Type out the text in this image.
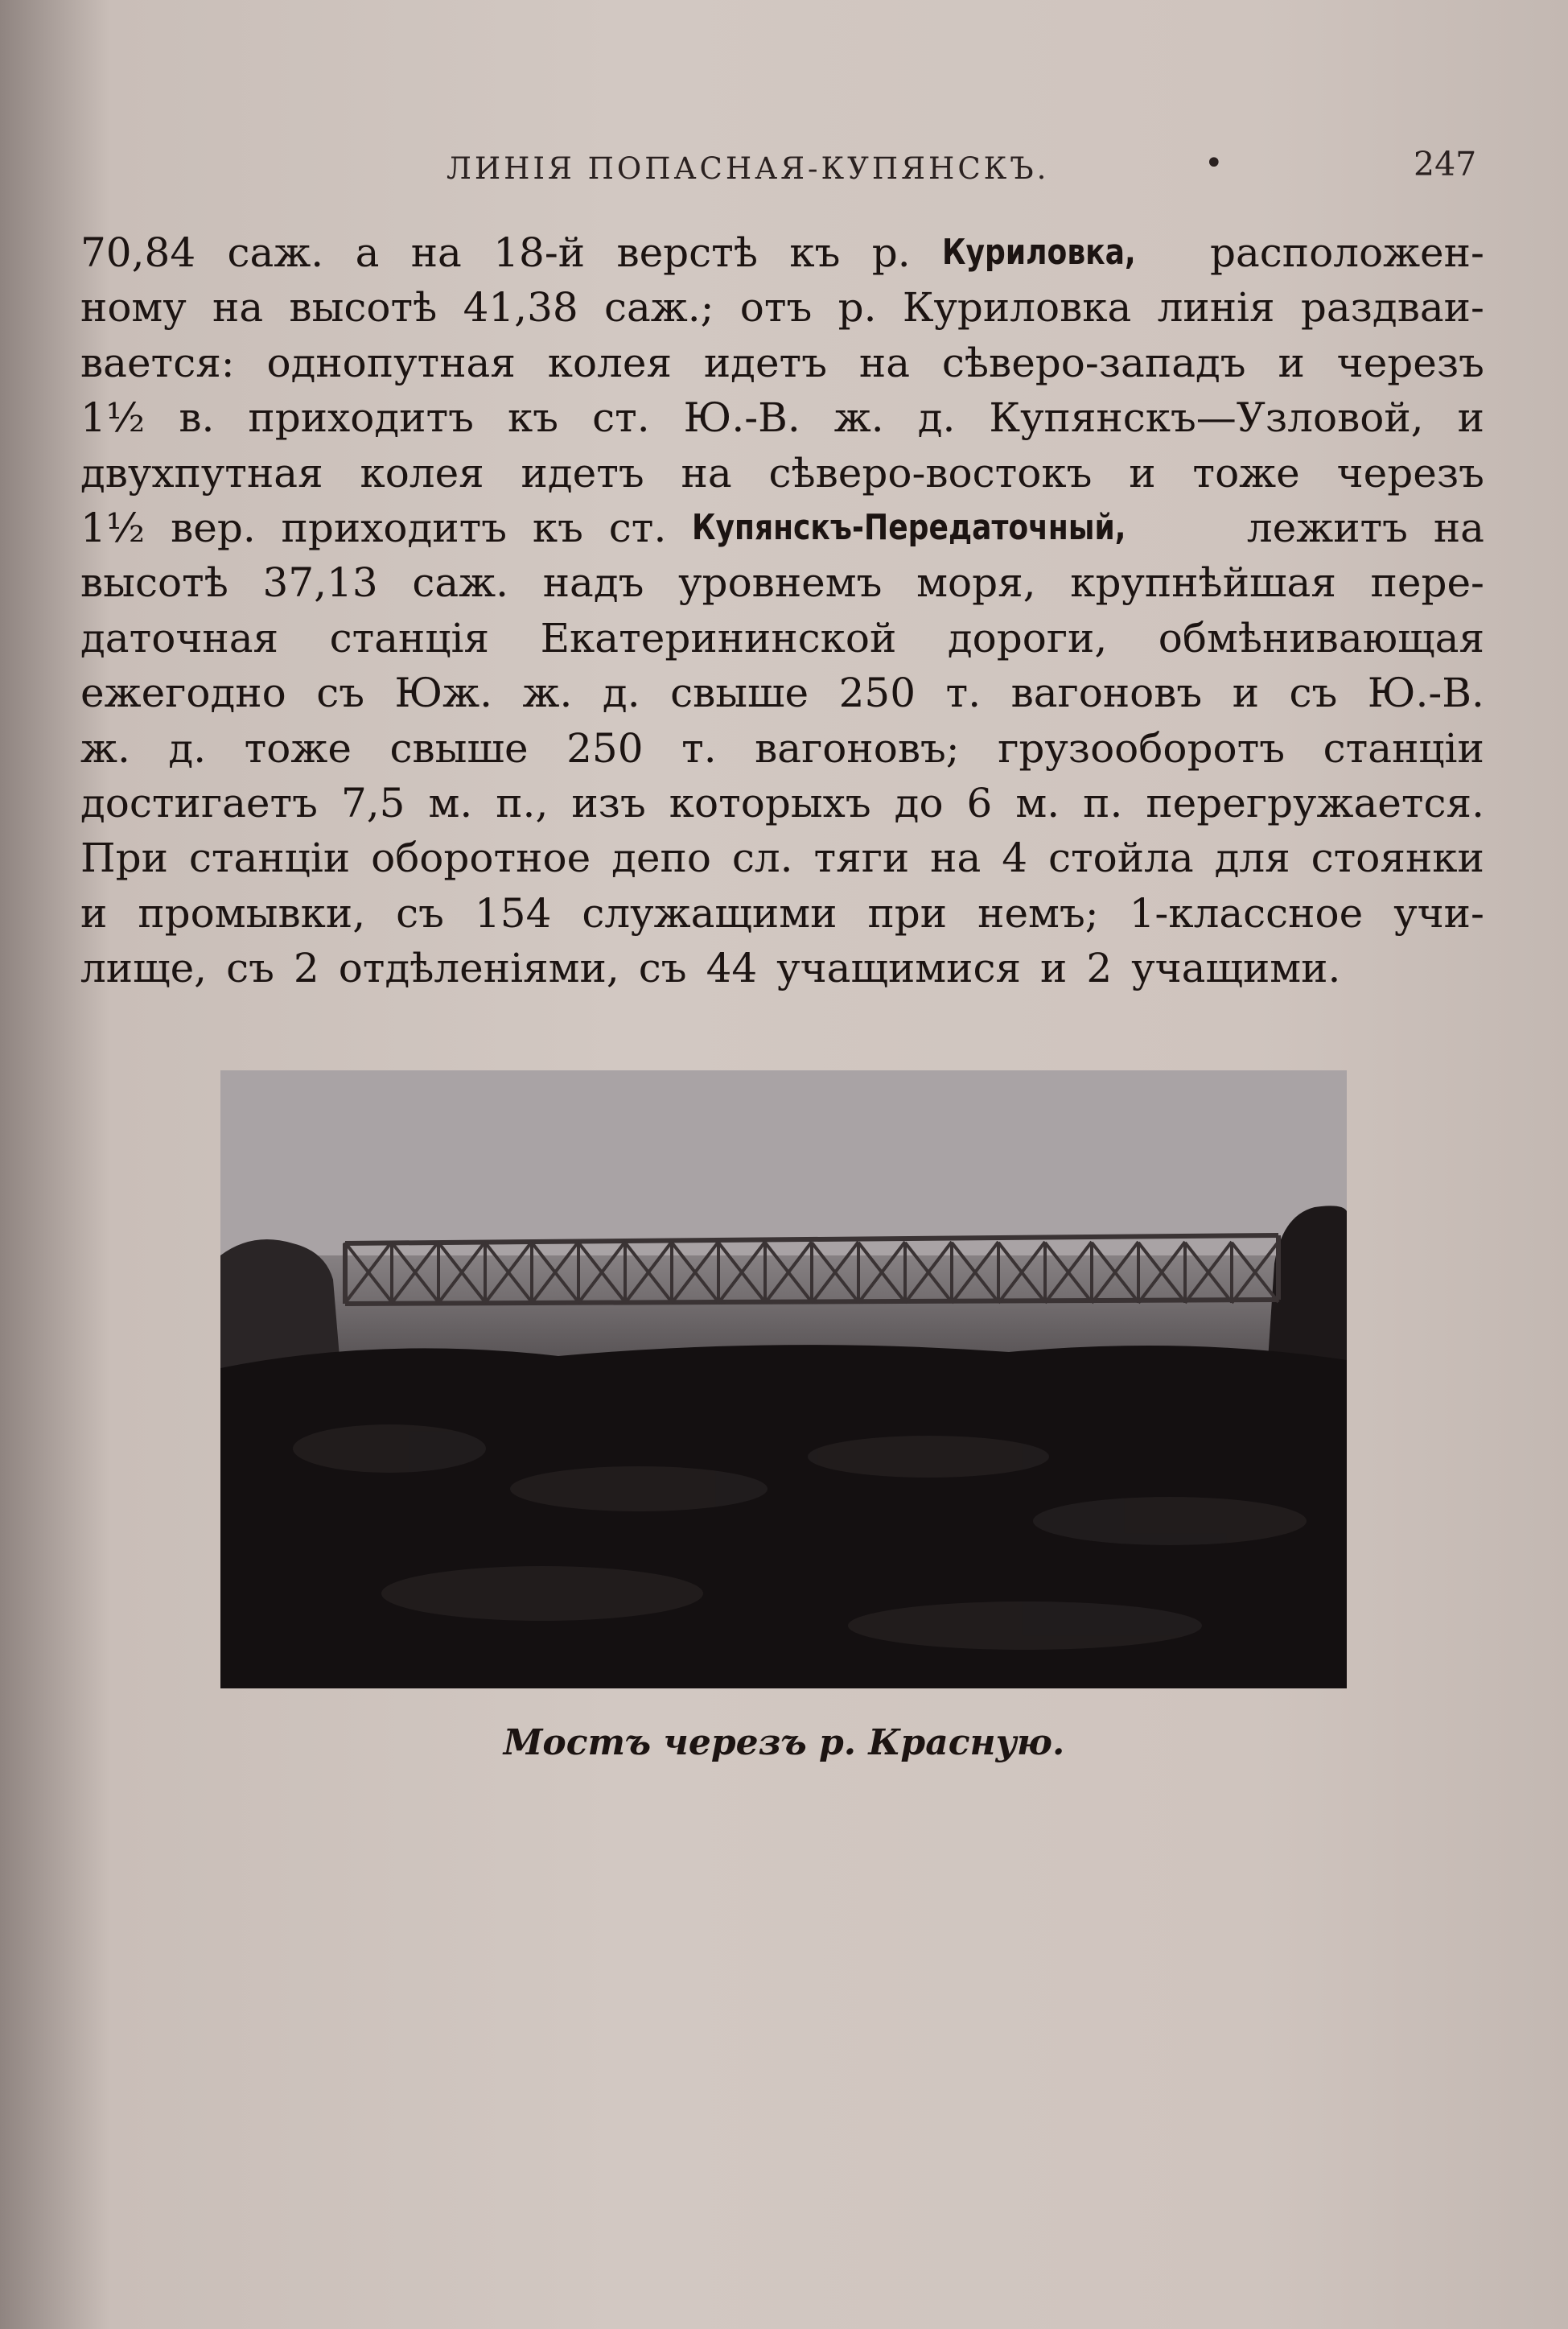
ЛИНІЯ ПОПАСНАЯ-КУПЯНСКЪ.	•	247
70,84 саж. а на 18-й верстѣ къ р. Куриловка, расположен-
ному на высотѣ 41,38 саж.; отъ р. Куриловка линія раздваи-
вается: однопутная колея идетъ на сѣверо-западъ и черезъ
1½ в. приходитъ къ ст. Ю.-В. ж. д. Купянскъ—Узловой, и
двухпутная колея идетъ на сѣверо-востокъ и тоже черезъ
1½ вер. приходитъ къ ст. Купянскъ-Передаточный,	лежитъ на
высотѣ 37,13 саж. надъ уровнемъ моря, крупнѣйшая пере-
даточная станція Екатерининской дороги, обмѣнивающая
ежегодно съ Юж. ж. д. свыше 250 т. вагоновъ и съ Ю.-В.
ж. д. тоже свыше 250 т. вагоновъ; грузооборотъ станціи
достигаетъ 7,5 м. п., изъ которыхъ до 6 м. п. перегружается.
При станціи оборотное депо сл. тяги на 4 стойла для стоянки
и промывки, съ 154 служащими при немъ; 1-классное учи-
лище, съ 2 отдѣленіями, съ 44 учащимися и 2 учащими.
Мостъ черезъ р. Красную.
